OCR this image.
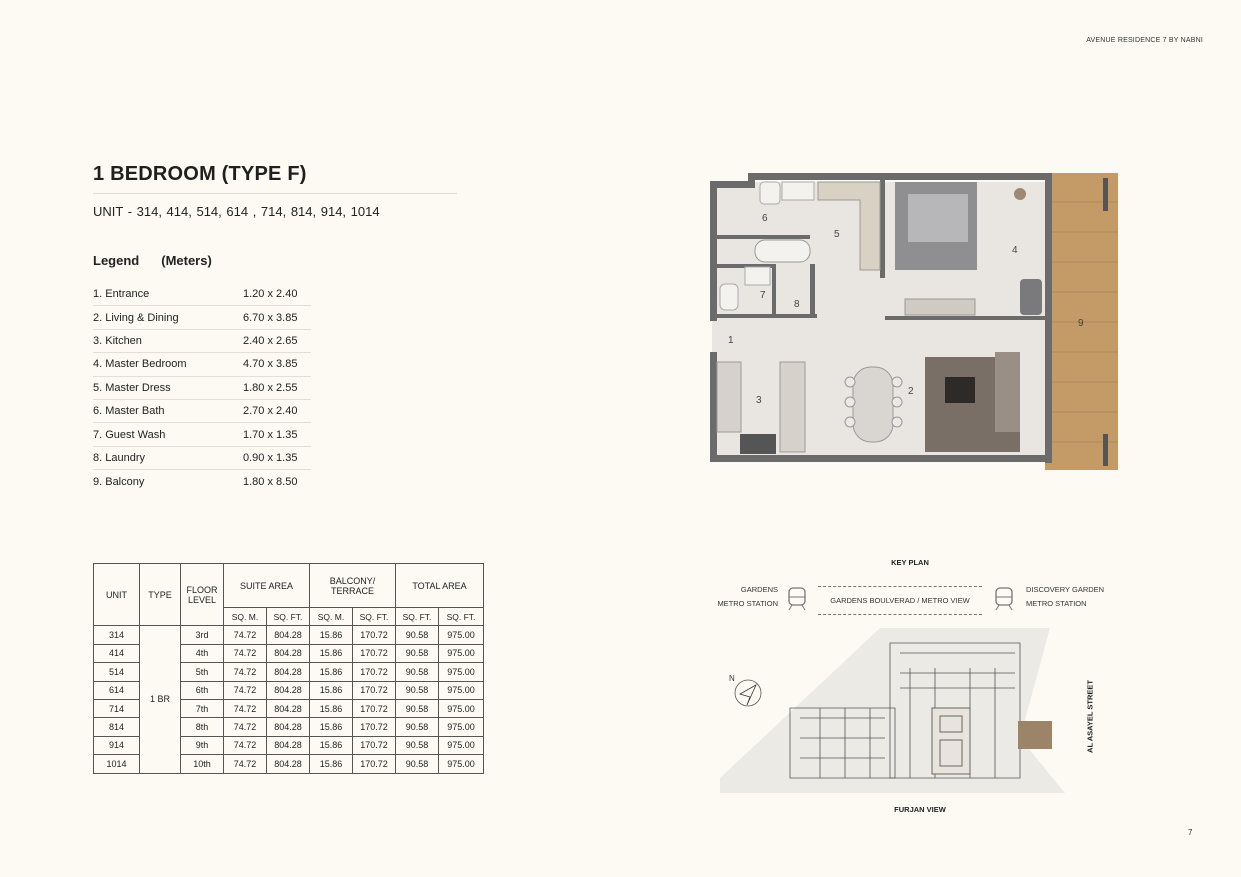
AVENUE RESIDENCE 7 BY NABNI
7
1 BEDROOM (TYPE F)
UNIT - 314, 414, 514, 614 , 714, 814, 914, 1014
Legend (Meters)
1. Entrance	1.20 x 2.40
2. Living & Dining	6.70 x 3.85
3. Kitchen	2.40 x 2.65
4. Master Bedroom	4.70 x 3.85
5. Master Dress	1.80 x 2.55
6. Master Bath	2.70 x 2.40
7. Guest Wash	1.70 x 1.35
8. Laundry	0.90 x 1.35
9. Balcony	1.80 x 8.50
UNIT	TYPE	FLOOR LEVEL	SUITE AREA		BALCONY/ TERRACE		TOTAL AREA	
			SQ. M.	SQ. FT.	SQ. M.	SQ. FT.	SQ. FT.	SQ. FT.
314	1 BR	3rd	74.72	804.28	15.86	170.72	90.58	975.00
414		4th	74.72	804.28	15.86	170.72	90.58	975.00
514		5th	74.72	804.28	15.86	170.72	90.58	975.00
614		6th	74.72	804.28	15.86	170.72	90.58	975.00
714		7th	74.72	804.28	15.86	170.72	90.58	975.00
814		8th	74.72	804.28	15.86	170.72	90.58	975.00
914		9th	74.72	804.28	15.86	170.72	90.58	975.00
1014		10th	74.72	804.28	15.86	170.72	90.58	975.00
1
2
3
4
5
6
7
8
9
KEY PLAN
GARDENS
METRO STATION	GARDENS BOULVERAD / METRO VIEW
DISCOVERY GARDEN
METRO STATION
N
AL ASAYEL STREET
FURJAN VIEW
